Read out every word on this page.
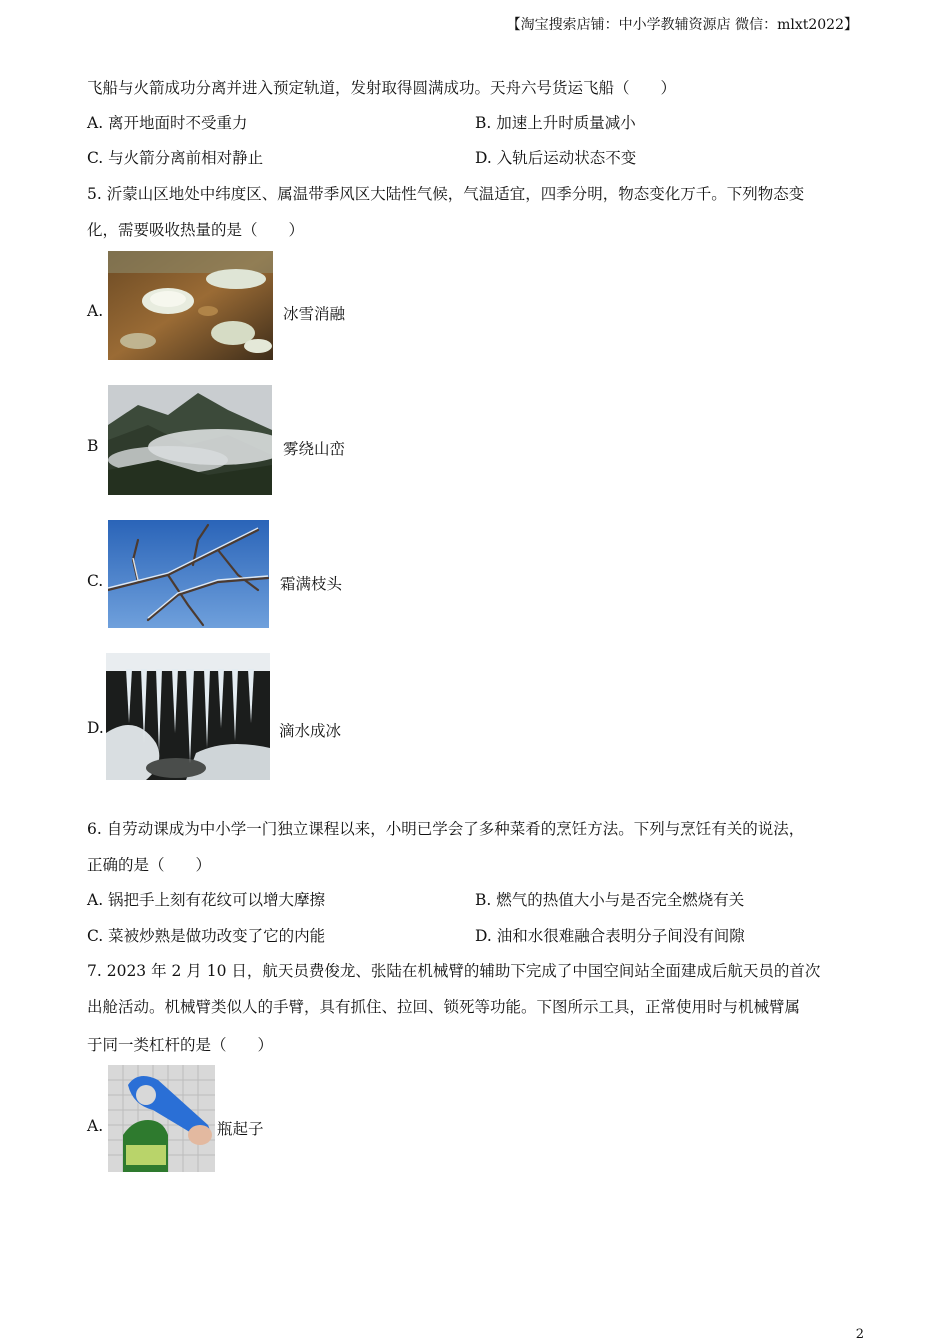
【淘宝搜索店铺：中小学教辅资源店 微信：mlxt2022】
飞船与火箭成功分离并进入预定轨道，发射取得圆满成功。天舟六号货运飞船（　　）
A. 离开地面时不受重力	B. 加速上升时质量减小
C. 与火箭分离前相对静止	D. 入轨后运动状态不变
5. 沂蒙山区地处中纬度区、属温带季风区大陆性气候，气温适宜，四季分明，物态变化万千。下列物态变
化，需要吸收热量的是（　　）
A.	冰雪消融
B	雾绕山峦
C.	霜满枝头
D.	滴水成冰
6. 自劳动课成为中小学一门独立课程以来，小明已学会了多种菜肴的烹饪方法。下列与烹饪有关的说法，
正确的是（　　）
A. 锅把手上刻有花纹可以增大摩擦	B. 燃气的热值大小与是否完全燃烧有关
C. 菜被炒熟是做功改变了它的内能	D. 油和水很难融合表明分子间没有间隙
7. 2023 年 2 月 10 日，航天员费俊龙、张陆在机械臂的辅助下完成了中国空间站全面建成后航天员的首次
出舱活动。机械臂类似人的手臂，具有抓住、拉回、锁死等功能。下图所示工具，正常使用时与机械臂属
于同一类杠杆的是（　　）
A.	瓶起子
2
